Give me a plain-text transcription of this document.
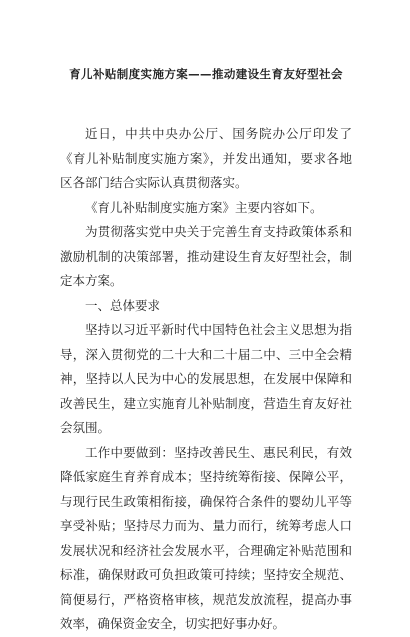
育儿补贴制度实施方案——推动建设生育友好型社会

近日，中共中央办公厅、国务院办公厅印发了《育儿补贴制度实施方案》，并发出通知，要求各地区各部门结合实际认真贯彻落实。

《育儿补贴制度实施方案》主要内容如下。

为贯彻落实党中央关于完善生育支持政策体系和激励机制的决策部署，推动建设生育友好型社会，制定本方案。

一、总体要求

坚持以习近平新时代中国特色社会主义思想为指导，深入贯彻党的二十大和二十届二中、三中全会精神，坚持以人民为中心的发展思想，在发展中保障和改善民生，建立实施育儿补贴制度，营造生育友好社会氛围。

工作中要做到：坚持改善民生、惠民利民，有效降低家庭生育养育成本；坚持统筹衔接、保障公平，与现行民生政策相衔接，确保符合条件的婴幼儿平等享受补贴；坚持尽力而为、量力而行，统筹考虑人口发展状况和经济社会发展水平，合理确定补贴范围和标准，确保财政可负担政策可持续；坚持安全规范、简便易行，严格资格审核，规范发放流程，提高办事效率，确保资金安全，切实把好事办好。
